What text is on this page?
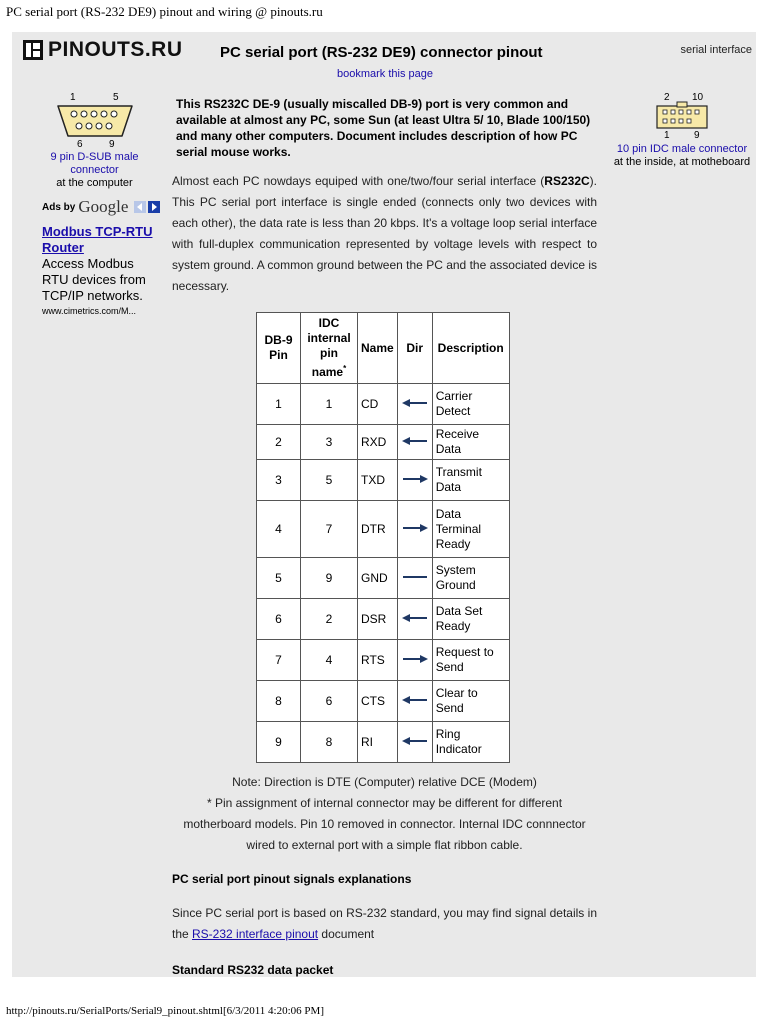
PC serial port (RS-232 DE9) pinout and wiring @ pinouts.ru
PINOUTS.RU PC serial port (RS-232 DE9) connector pinout	serial interface
bookmark this page
1	5
6	9
9 pin D-SUB male connector
at the computer
Ads by Google
Modbus TCP-RTU Router
Access Modbus RTU devices from TCP/IP networks.
www.cimetrics.com/M...
2 10
1 9
10 pin IDC male connector
at the inside, at motheboard
This RS232C DE-9 (usually miscalled DB-9) port is very common and available at almost any PC, some Sun (at least Ultra 5/ 10, Blade 100/150) and many other computers. Document includes description of how PC serial mouse works.
Almost each PC nowdays equiped with one/two/four serial interface (RS232C). This PC serial port interface is single ended (connects only two devices with each other), the data rate is less than 20 kbps. It's a voltage loop serial interface with full-duplex communication represented by voltage levels with respect to system ground. A common ground between the PC and the associated device is necessary.
DB-9 Pin	IDC internal pin name*	Name	Dir	Description
1	1	CD		Carrier Detect
2	3	RXD		Receive Data
3	5	TXD		Transmit Data
4	7	DTR		Data Terminal Ready
5	9	GND		System Ground
6	2	DSR		Data Set Ready
7	4	RTS		Request to Send
8	6	CTS		Clear to Send
9	8	RI		Ring Indicator
Note: Direction is DTE (Computer) relative DCE (Modem)
* Pin assignment of internal connector may be different for different motherboard models. Pin 10 removed in connector. Internal IDC connnector wired to external port with a simple flat ribbon cable.
PC serial port pinout signals explanations
Since PC serial port is based on RS-232 standard, you may find signal details in the RS-232 interface pinout document
Standard RS232 data packet
http://pinouts.ru/SerialPorts/Serial9_pinout.shtml[6/3/2011 4:20:06 PM]
